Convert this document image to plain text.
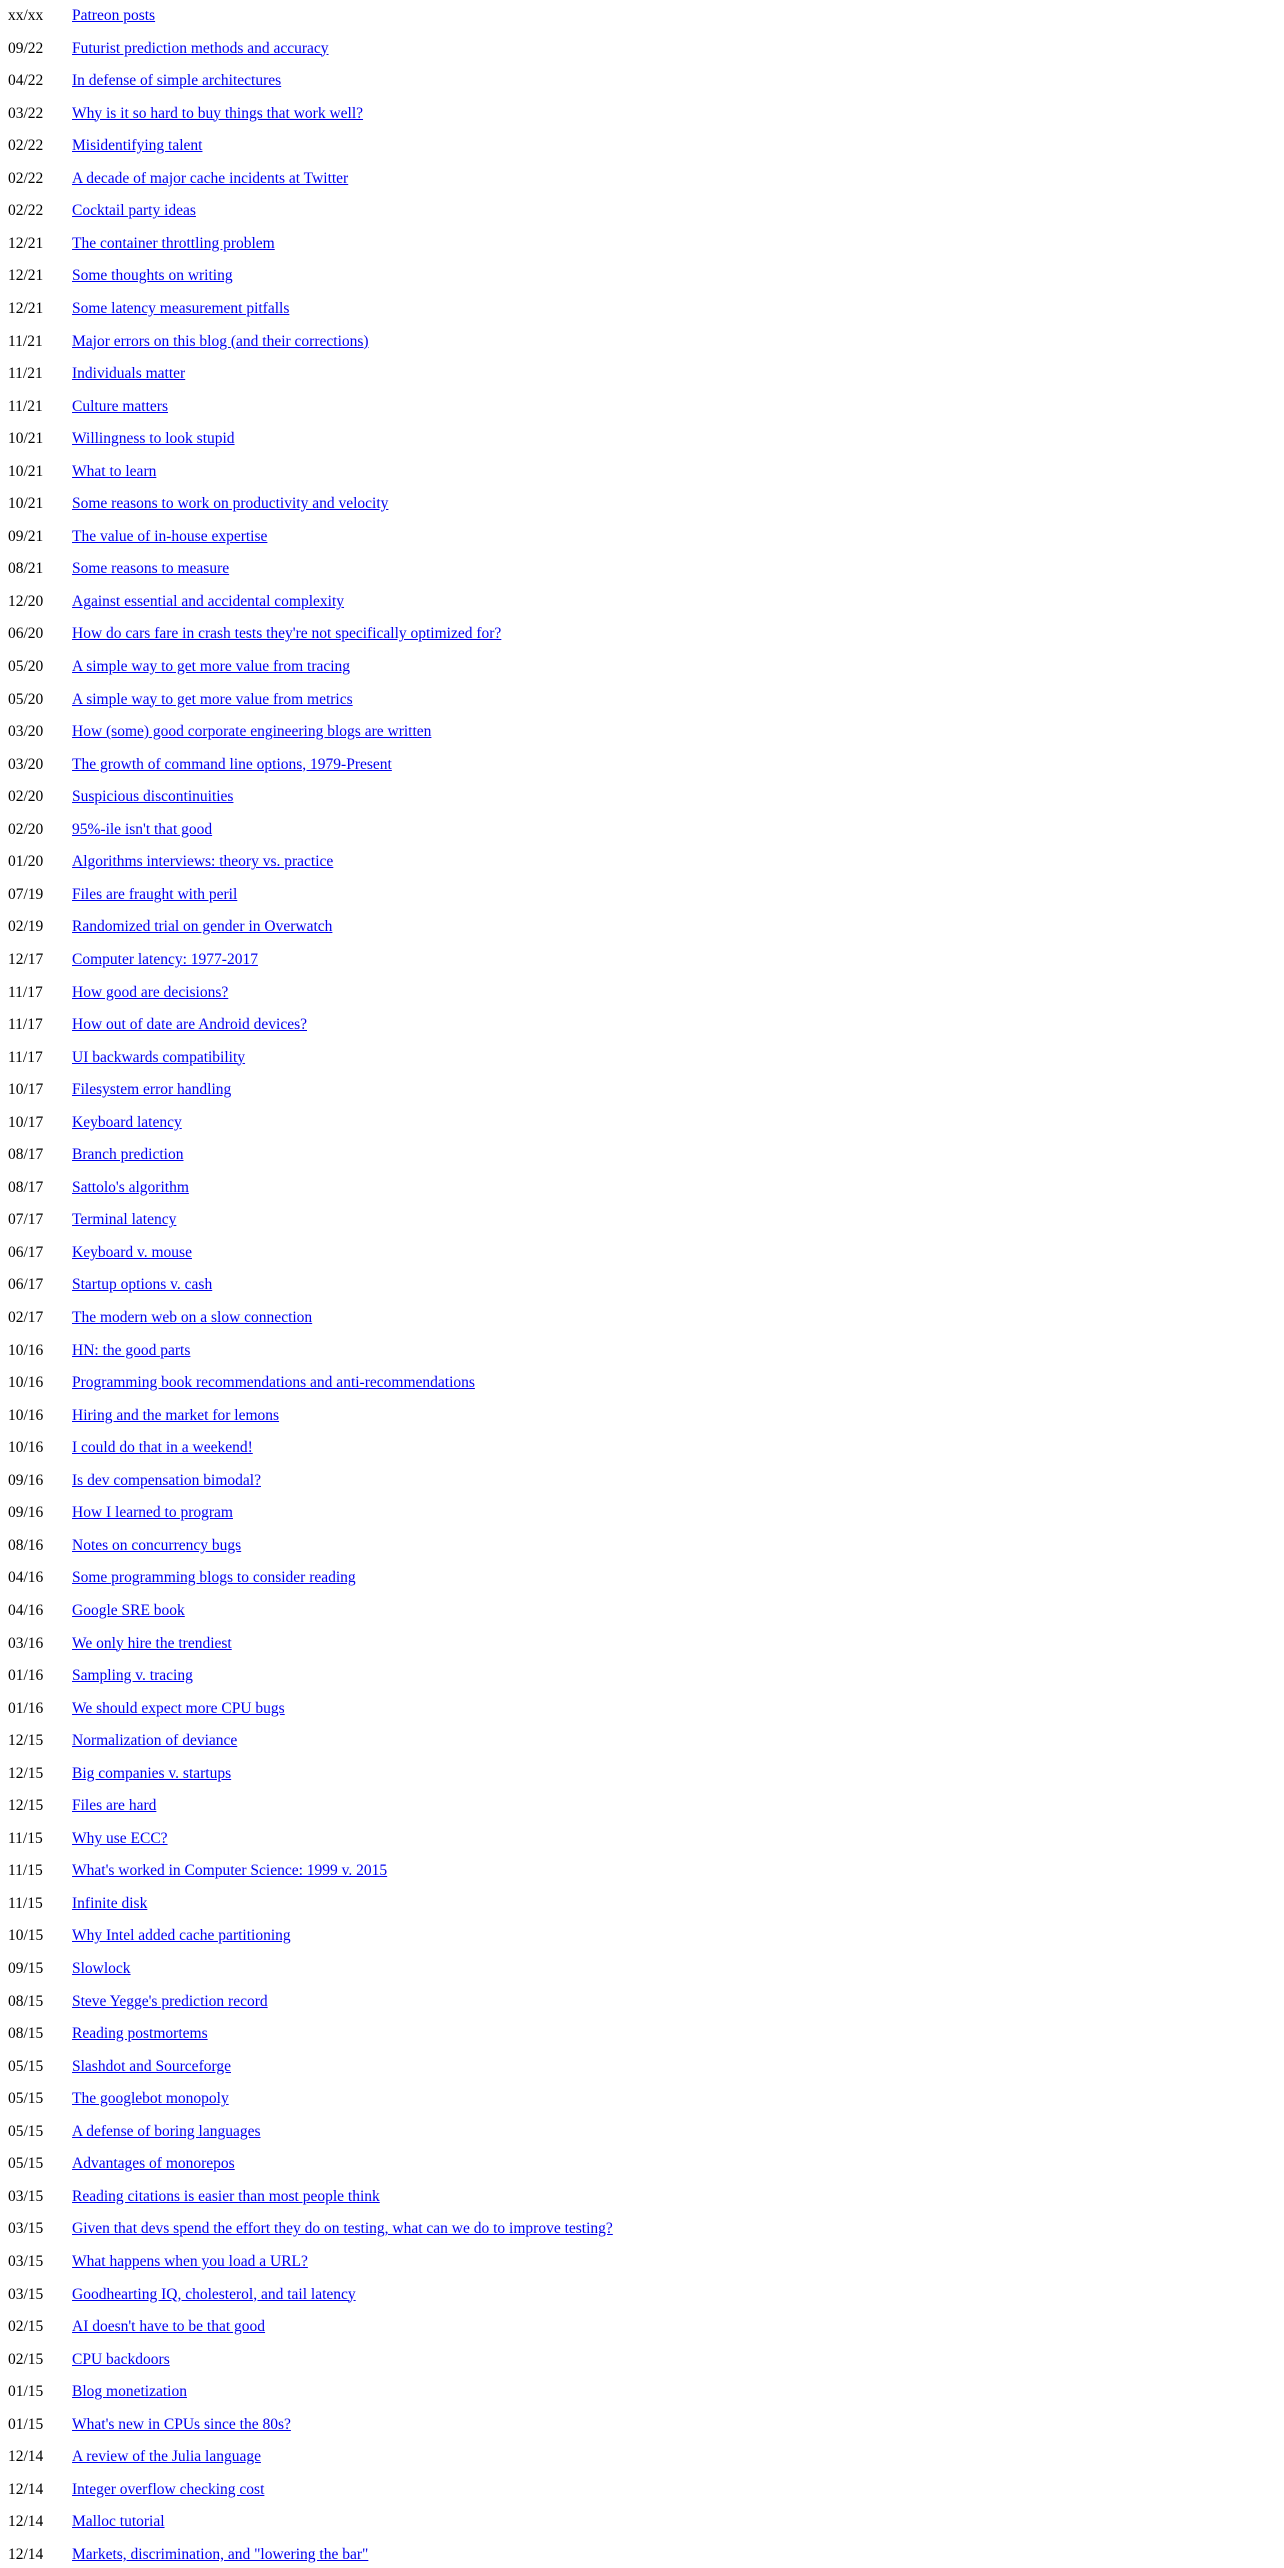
xx/xx	Patreon posts
09/22	Futurist prediction methods and accuracy
04/22	In defense of simple architectures
03/22	Why is it so hard to buy things that work well?
02/22	Misidentifying talent
02/22	A decade of major cache incidents at Twitter
02/22	Cocktail party ideas
12/21	The container throttling problem
12/21	Some thoughts on writing
12/21	Some latency measurement pitfalls
11/21	Major errors on this blog (and their corrections)
11/21	Individuals matter
11/21	Culture matters
10/21	Willingness to look stupid
10/21	What to learn
10/21	Some reasons to work on productivity and velocity
09/21	The value of in-house expertise
08/21	Some reasons to measure
12/20	Against essential and accidental complexity
06/20	How do cars fare in crash tests they're not specifically optimized for?
05/20	A simple way to get more value from tracing
05/20	A simple way to get more value from metrics
03/20	How (some) good corporate engineering blogs are written
03/20	The growth of command line options, 1979-Present
02/20	Suspicious discontinuities
02/20	95%-ile isn't that good
01/20	Algorithms interviews: theory vs. practice
07/19	Files are fraught with peril
02/19	Randomized trial on gender in Overwatch
12/17	Computer latency: 1977-2017
11/17	How good are decisions?
11/17	How out of date are Android devices?
11/17	UI backwards compatibility
10/17	Filesystem error handling
10/17	Keyboard latency
08/17	Branch prediction
08/17	Sattolo's algorithm
07/17	Terminal latency
06/17	Keyboard v. mouse
06/17	Startup options v. cash
02/17	The modern web on a slow connection
10/16	HN: the good parts
10/16	Programming book recommendations and anti-recommendations
10/16	Hiring and the market for lemons
10/16	I could do that in a weekend!
09/16	Is dev compensation bimodal?
09/16	How I learned to program
08/16	Notes on concurrency bugs
04/16	Some programming blogs to consider reading
04/16	Google SRE book
03/16	We only hire the trendiest
01/16	Sampling v. tracing
01/16	We should expect more CPU bugs
12/15	Normalization of deviance
12/15	Big companies v. startups
12/15	Files are hard
11/15	Why use ECC?
11/15	What's worked in Computer Science: 1999 v. 2015
11/15	Infinite disk
10/15	Why Intel added cache partitioning
09/15	Slowlock
08/15	Steve Yegge's prediction record
08/15	Reading postmortems
05/15	Slashdot and Sourceforge
05/15	The googlebot monopoly
05/15	A defense of boring languages
05/15	Advantages of monorepos
03/15	Reading citations is easier than most people think
03/15	Given that devs spend the effort they do on testing, what can we do to improve testing?
03/15	What happens when you load a URL?
03/15	Goodhearting IQ, cholesterol, and tail latency
02/15	AI doesn't have to be that good
02/15	CPU backdoors
01/15	Blog monetization
01/15	What's new in CPUs since the 80s?
12/14	A review of the Julia language
12/14	Integer overflow checking cost
12/14	Malloc tutorial
12/14	Markets, discrimination, and "lowering the bar"
